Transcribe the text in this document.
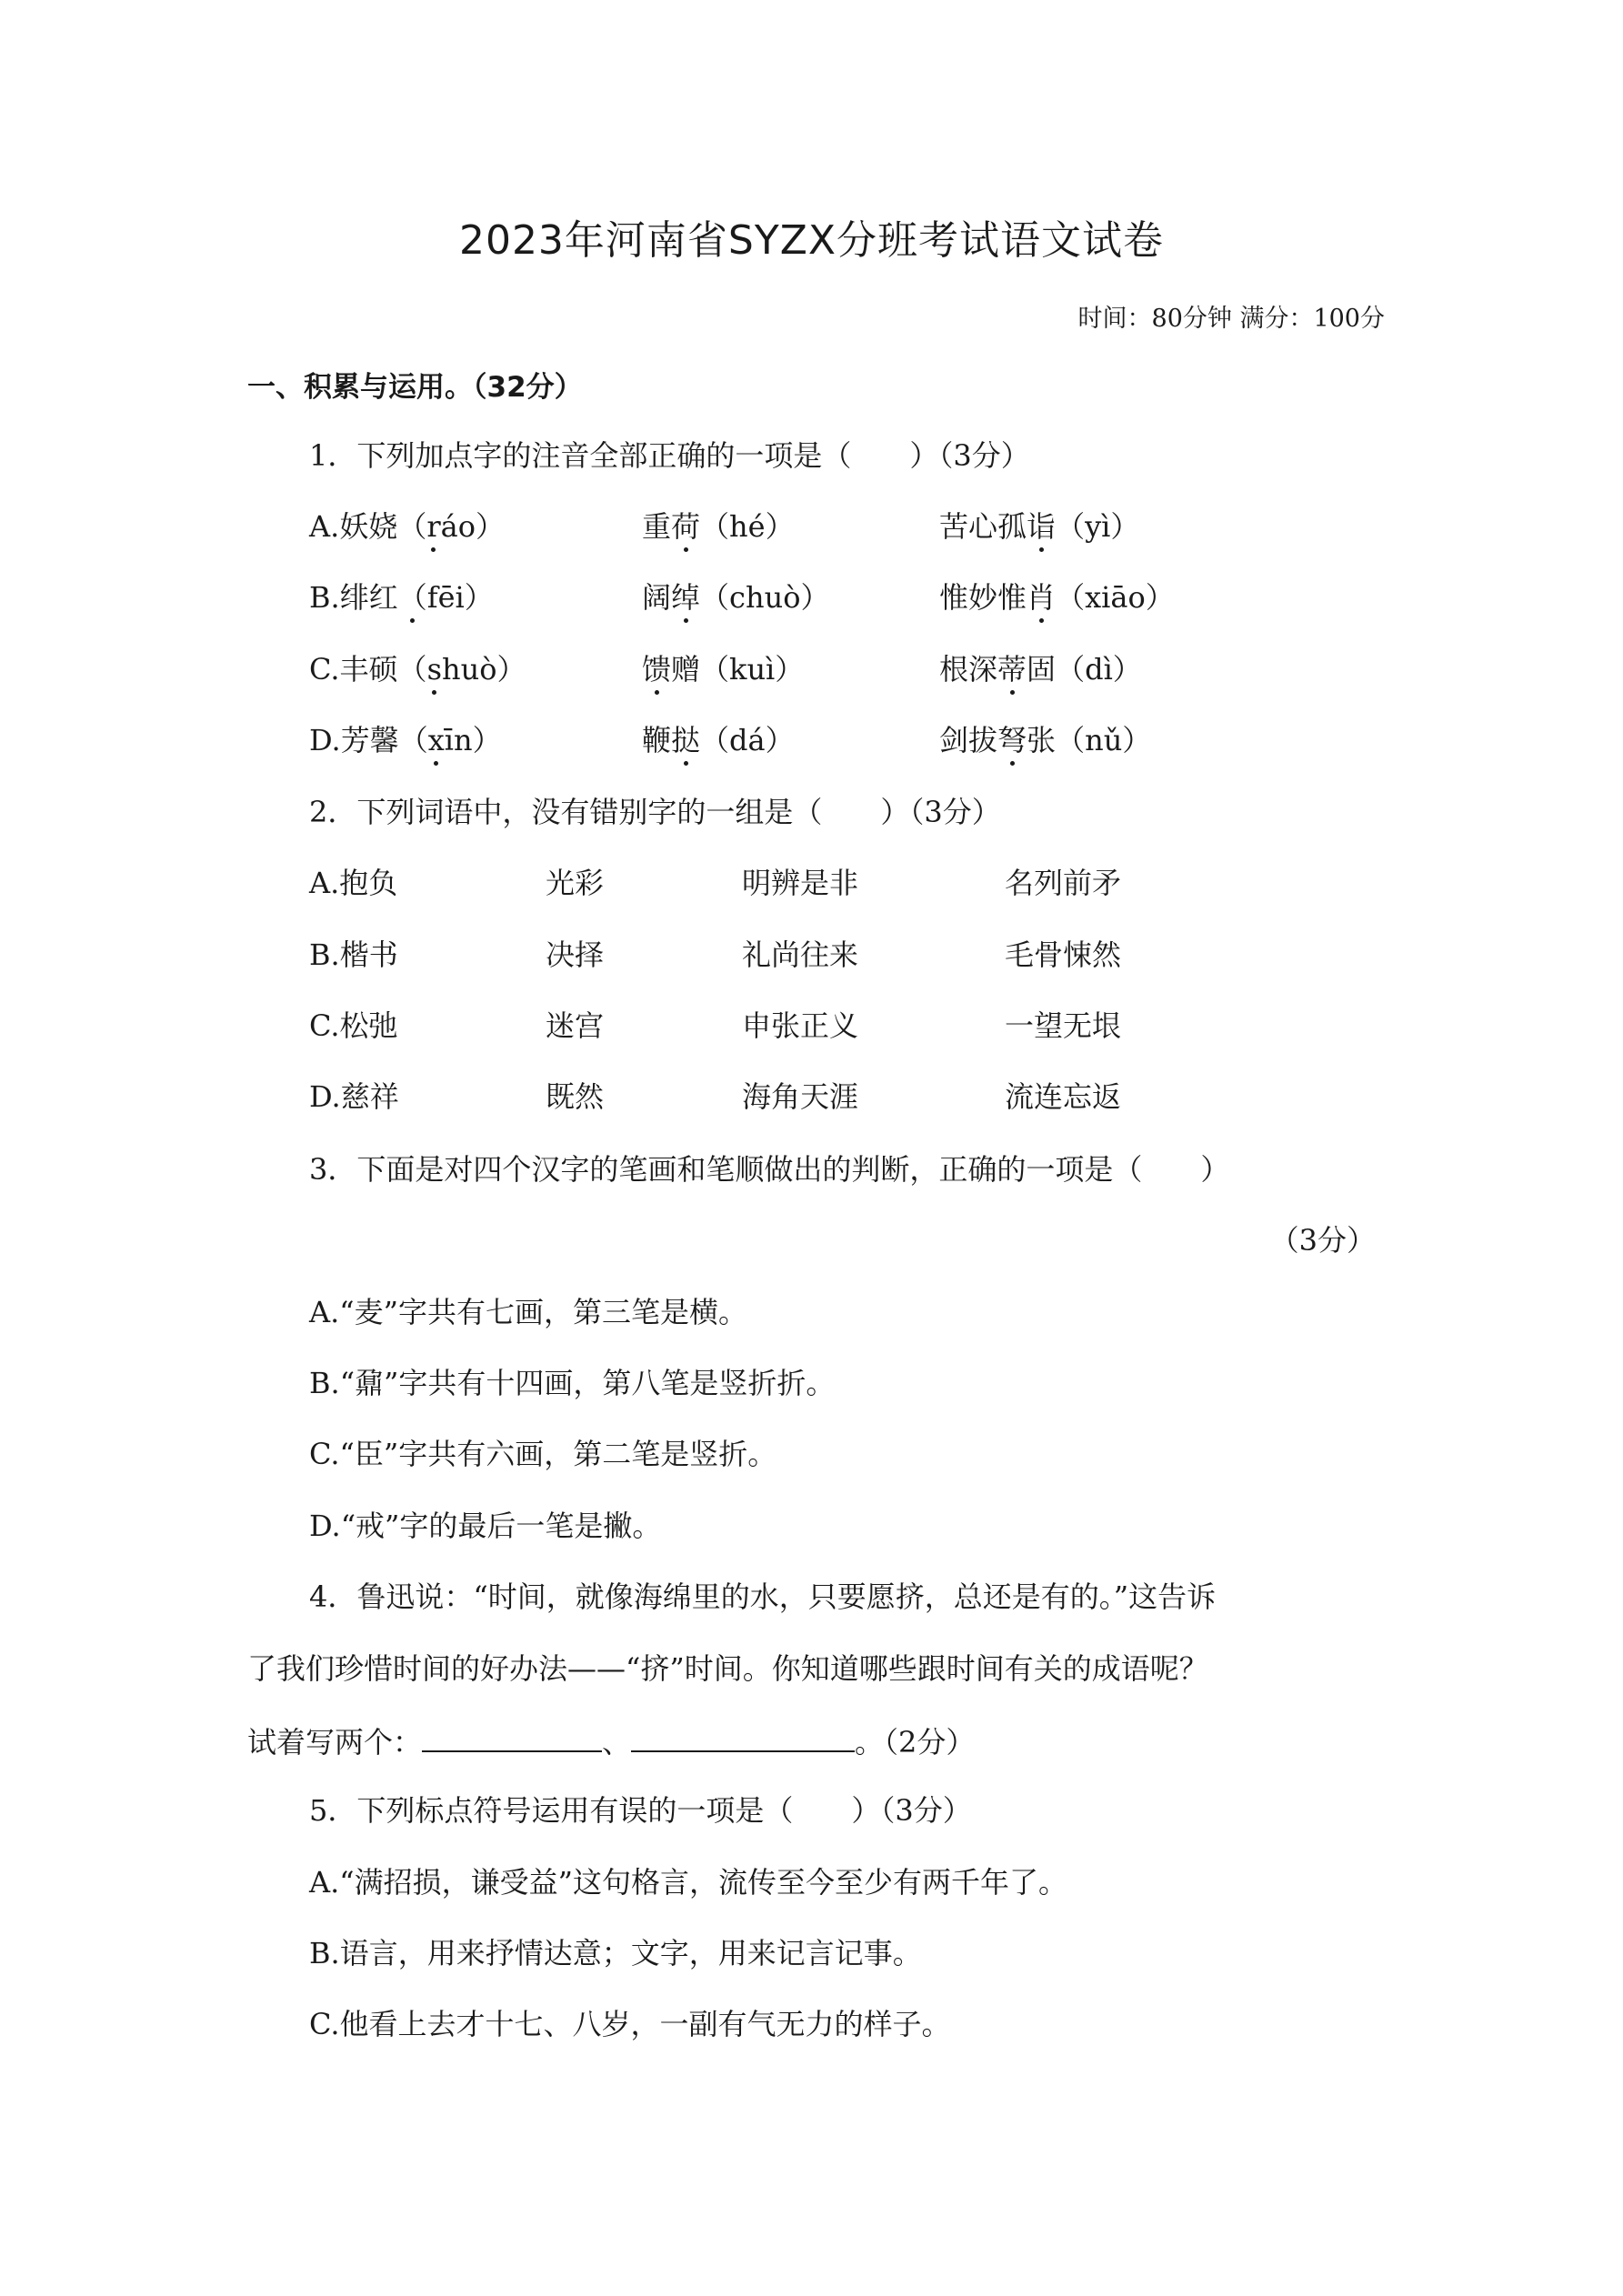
2023年河南省SYZX分班考试语文试卷
时间：80分钟 满分：100分
一、积累与运用。（32分）
1．下列加点字的注音全部正确的一项是（　　）（3分）
A.妖娆（ráo）	重荷（hé）	苦心孤诣（yì）
B.绯红（fēi）	阔绰（chuò）	惟妙惟肖（xiāo）
C.丰硕（shuò）	馈赠（kuì）	根深蒂固（dì）
D.芳馨（xīn）	鞭挞（dá）	剑拔弩张（nǔ）
2．下列词语中，没有错别字的一组是（　　）（3分）
A.抱负	光彩	明辨是非	名列前矛
B.楷书	决择	礼尚往来	毛骨悚然
C.松弛	迷宫	申张正义	一望无垠
D.慈祥	既然	海角天涯	流连忘返
3．下面是对四个汉字的笔画和笔顺做出的判断，正确的一项是（　　）
（3分）
A.“麦”字共有七画，第三笔是横。
B.“鼐”字共有十四画，第八笔是竖折折。
C.“臣”字共有六画，第二笔是竖折。
D.“戒”字的最后一笔是撇。
4．鲁迅说：“时间，就像海绵里的水，只要愿挤，总还是有的。”这告诉
了我们珍惜时间的好办法——“挤”时间。你知道哪些跟时间有关的成语呢？
试着写两个：	、	。（2分）
5．下列标点符号运用有误的一项是（　　）（3分）
A.“满招损，谦受益”这句格言，流传至今至少有两千年了。
B.语言，用来抒情达意；文字，用来记言记事。
C.他看上去才十七、八岁，一副有气无力的样子。
